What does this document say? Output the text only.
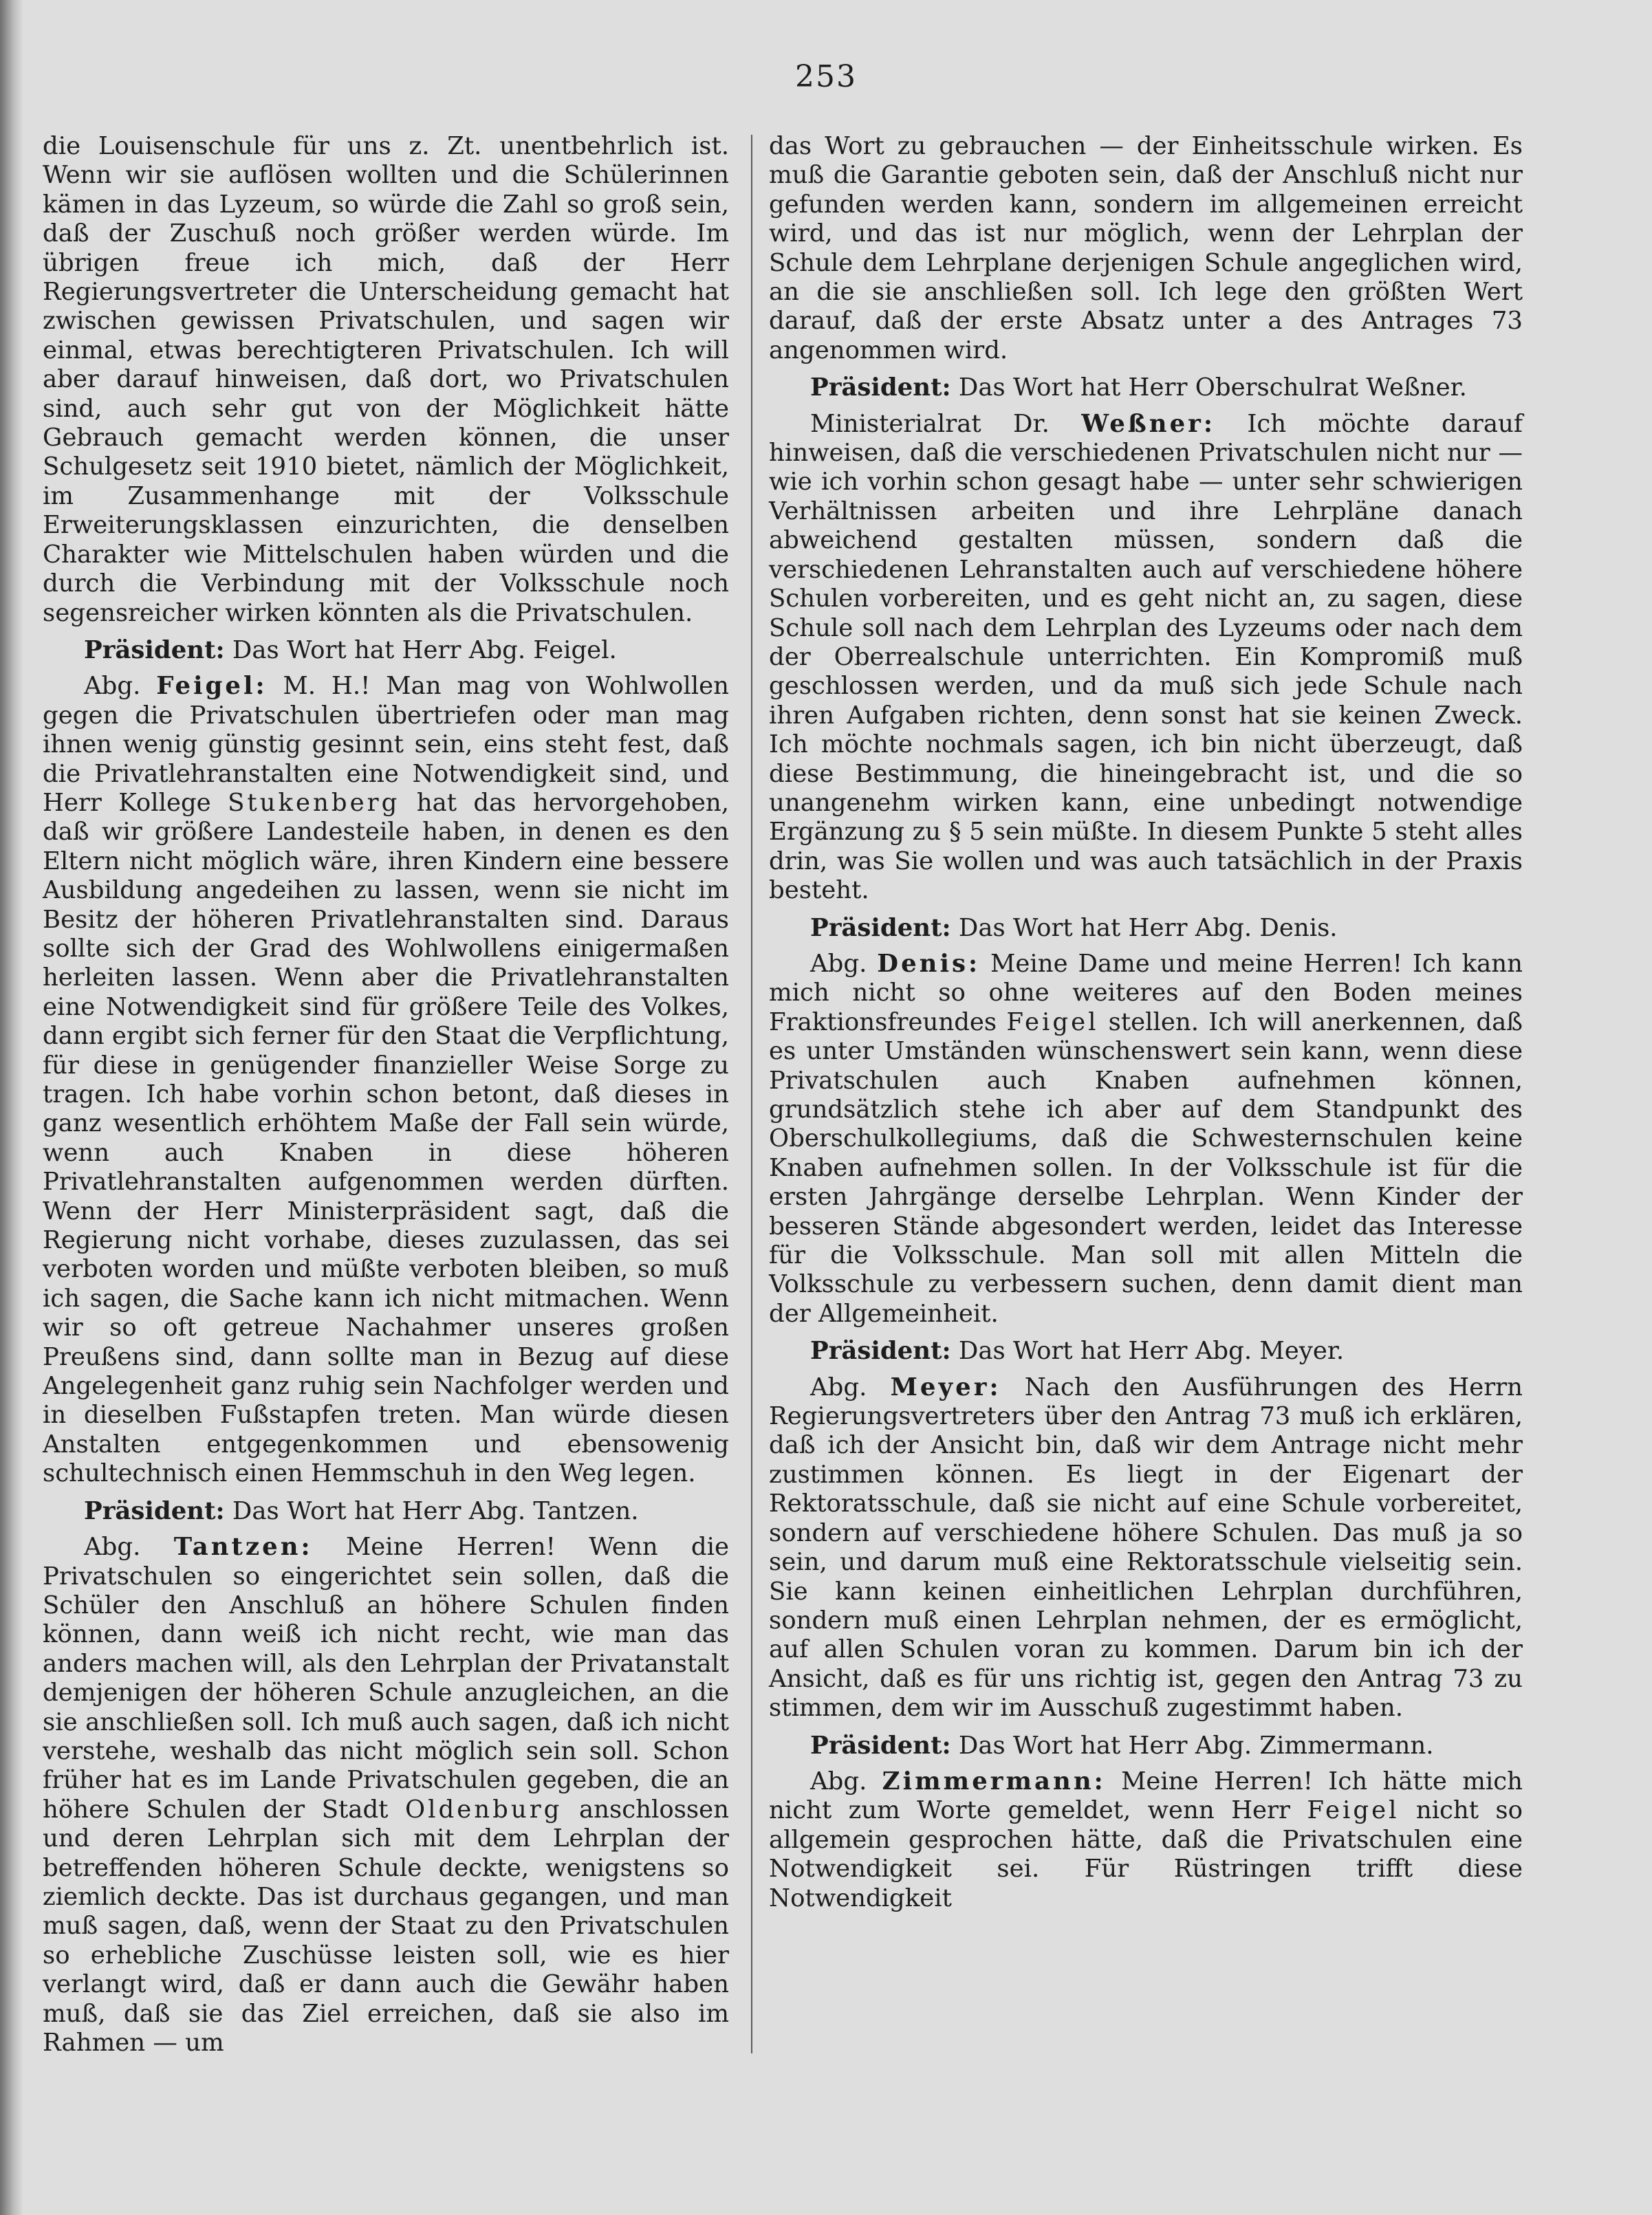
253

die Louisenschule für uns z. Zt. unentbehrlich ist. Wenn wir sie auflösen wollten und die Schülerinnen kämen in das Lyzeum, so würde die Zahl so groß sein, daß der Zuschuß noch größer werden würde. Im übrigen freue ich mich, daß der Herr Regierungsvertreter die Unterscheidung gemacht hat zwischen gewissen Privatschulen, und sagen wir einmal, etwas berechtigteren Privatschulen. Ich will aber darauf hinweisen, daß dort, wo Privatschulen sind, auch sehr gut von der Möglichkeit hätte Gebrauch gemacht werden können, die unser Schulgesetz seit 1910 bietet, nämlich der Möglichkeit, im Zusammenhange mit der Volksschule Erweiterungsklassen einzurichten, die denselben Charakter wie Mittelschulen haben würden und die durch die Verbindung mit der Volksschule noch segensreicher wirken könnten als die Privatschulen.

Präsident: Das Wort hat Herr Abg. Feigel.

Abg. Feigel: M. H.! Man mag von Wohlwollen gegen die Privatschulen übertriefen oder man mag ihnen wenig günstig gesinnt sein, eins steht fest, daß die Privatlehranstalten eine Notwendigkeit sind, und Herr Kollege Stukenberg hat das hervorgehoben, daß wir größere Landesteile haben, in denen es den Eltern nicht möglich wäre, ihren Kindern eine bessere Ausbildung angedeihen zu lassen, wenn sie nicht im Besitz der höheren Privatlehranstalten sind. Daraus sollte sich der Grad des Wohlwollens einigermaßen herleiten lassen. Wenn aber die Privatlehranstalten eine Notwendigkeit sind für größere Teile des Volkes, dann ergibt sich ferner für den Staat die Verpflichtung, für diese in genügender finanzieller Weise Sorge zu tragen. Ich habe vorhin schon betont, daß dieses in ganz wesentlich erhöhtem Maße der Fall sein würde, wenn auch Knaben in diese höheren Privatlehranstalten aufgenommen werden dürften. Wenn der Herr Ministerpräsident sagt, daß die Regierung nicht vorhabe, dieses zuzulassen, das sei verboten worden und müßte verboten bleiben, so muß ich sagen, die Sache kann ich nicht mitmachen. Wenn wir so oft getreue Nachahmer unseres großen Preußens sind, dann sollte man in Bezug auf diese Angelegenheit ganz ruhig sein Nachfolger werden und in dieselben Fußstapfen treten. Man würde diesen Anstalten entgegenkommen und ebensowenig schultechnisch einen Hemmschuh in den Weg legen.

Präsident: Das Wort hat Herr Abg. Tantzen.

Abg. Tantzen: Meine Herren! Wenn die Privatschulen so eingerichtet sein sollen, daß die Schüler den Anschluß an höhere Schulen finden können, dann weiß ich nicht recht, wie man das anders machen will, als den Lehrplan der Privatanstalt demjenigen der höheren Schule anzugleichen, an die sie anschließen soll. Ich muß auch sagen, daß ich nicht verstehe, weshalb das nicht möglich sein soll. Schon früher hat es im Lande Privatschulen gegeben, die an höhere Schulen der Stadt Oldenburg anschlossen und deren Lehrplan sich mit dem Lehrplan der betreffenden höheren Schule deckte, wenigstens so ziemlich deckte. Das ist durchaus gegangen, und man muß sagen, daß, wenn der Staat zu den Privatschulen so erhebliche Zuschüsse leisten soll, wie es hier verlangt wird, daß er dann auch die Gewähr haben muß, daß sie das Ziel erreichen, daß sie also im Rahmen — um

das Wort zu gebrauchen — der Einheitsschule wirken. Es muß die Garantie geboten sein, daß der Anschluß nicht nur gefunden werden kann, sondern im allgemeinen erreicht wird, und das ist nur möglich, wenn der Lehrplan der Schule dem Lehrplane derjenigen Schule angeglichen wird, an die sie anschließen soll. Ich lege den größten Wert darauf, daß der erste Absatz unter a des Antrages 73 angenommen wird.

Präsident: Das Wort hat Herr Oberschulrat Weßner.

Ministerialrat Dr. Weßner: Ich möchte darauf hinweisen, daß die verschiedenen Privatschulen nicht nur — wie ich vorhin schon gesagt habe — unter sehr schwierigen Verhältnissen arbeiten und ihre Lehrpläne danach abweichend gestalten müssen, sondern daß die verschiedenen Lehranstalten auch auf verschiedene höhere Schulen vorbereiten, und es geht nicht an, zu sagen, diese Schule soll nach dem Lehrplan des Lyzeums oder nach dem der Oberrealschule unterrichten. Ein Kompromiß muß geschlossen werden, und da muß sich jede Schule nach ihren Aufgaben richten, denn sonst hat sie keinen Zweck. Ich möchte nochmals sagen, ich bin nicht überzeugt, daß diese Bestimmung, die hineingebracht ist, und die so unangenehm wirken kann, eine unbedingt notwendige Ergänzung zu § 5 sein müßte. In diesem Punkte 5 steht alles drin, was Sie wollen und was auch tatsächlich in der Praxis besteht.

Präsident: Das Wort hat Herr Abg. Denis.

Abg. Denis: Meine Dame und meine Herren! Ich kann mich nicht so ohne weiteres auf den Boden meines Fraktionsfreundes Feigel stellen. Ich will anerkennen, daß es unter Umständen wünschenswert sein kann, wenn diese Privatschulen auch Knaben aufnehmen können, grundsätzlich stehe ich aber auf dem Standpunkt des Oberschulkollegiums, daß die Schwesternschulen keine Knaben aufnehmen sollen. In der Volksschule ist für die ersten Jahrgänge derselbe Lehrplan. Wenn Kinder der besseren Stände abgesondert werden, leidet das Interesse für die Volksschule. Man soll mit allen Mitteln die Volksschule zu verbessern suchen, denn damit dient man der Allgemeinheit.

Präsident: Das Wort hat Herr Abg. Meyer.

Abg. Meyer: Nach den Ausführungen des Herrn Regierungsvertreters über den Antrag 73 muß ich erklären, daß ich der Ansicht bin, daß wir dem Antrage nicht mehr zustimmen können. Es liegt in der Eigenart der Rektoratsschule, daß sie nicht auf eine Schule vorbereitet, sondern auf verschiedene höhere Schulen. Das muß ja so sein, und darum muß eine Rektoratsschule vielseitig sein. Sie kann keinen einheitlichen Lehrplan durchführen, sondern muß einen Lehrplan nehmen, der es ermöglicht, auf allen Schulen voran zu kommen. Darum bin ich der Ansicht, daß es für uns richtig ist, gegen den Antrag 73 zu stimmen, dem wir im Ausschuß zugestimmt haben.

Präsident: Das Wort hat Herr Abg. Zimmermann.

Abg. Zimmermann: Meine Herren! Ich hätte mich nicht zum Worte gemeldet, wenn Herr Feigel nicht so allgemein gesprochen hätte, daß die Privatschulen eine Notwendigkeit sei. Für Rüstringen trifft diese Notwendigkeit
